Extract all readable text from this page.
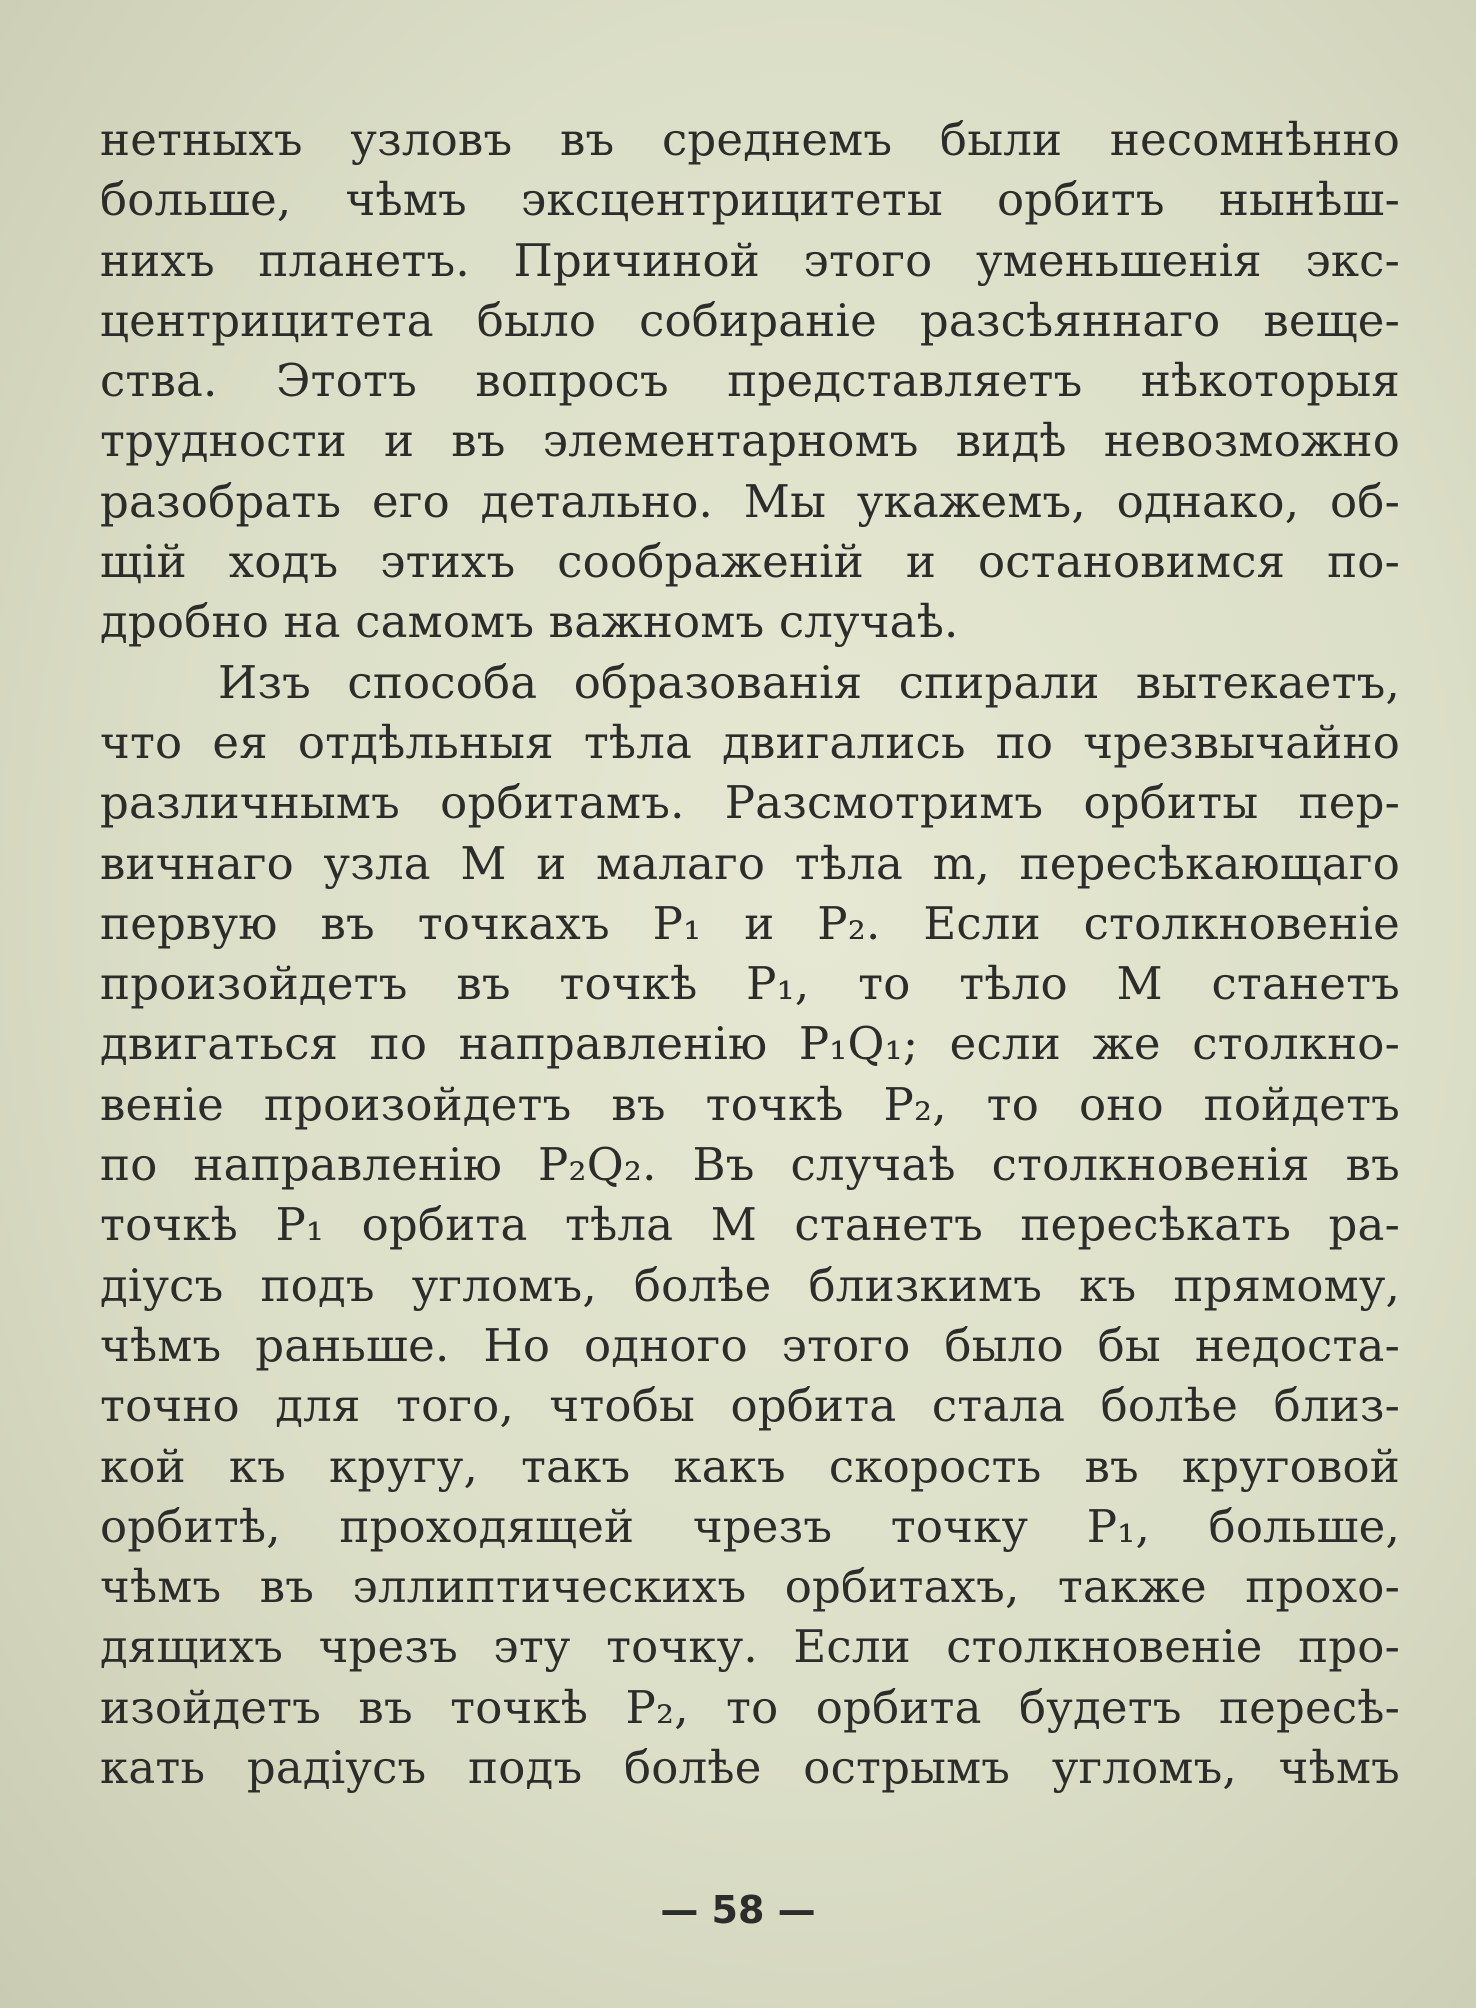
нетныхъ узловъ въ среднемъ были несомнѣнно
больше, чѣмъ эксцентрицитеты орбитъ нынѣш-
нихъ планетъ. Причиной этого уменьшенія экс-
центрицитета было собираніе разсѣяннаго веще-
ства. Этотъ вопросъ представляетъ нѣкоторыя
трудности и въ элементарномъ видѣ невозможно
разобрать его детально. Мы укажемъ, однако, об-
щій ходъ этихъ соображеній и остановимся по-
дробно на самомъ важномъ случаѣ.
Изъ способа образованія спирали вытекаетъ,
что ея отдѣльныя тѣла двигались по чрезвычайно
различнымъ орбитамъ. Разсмотримъ орбиты пер-
вичнаго узла M и малаго тѣла m, пересѣкающаго
первую въ точкахъ P₁ и P₂. Если столкновеніе
произойдетъ въ точкѣ P₁, то тѣло M станетъ
двигаться по направленію P₁Q₁; если же столкно-
веніе произойдетъ въ точкѣ P₂, то оно пойдетъ
по направленію P₂Q₂. Въ случаѣ столкновенія въ
точкѣ P₁ орбита тѣла M станетъ пересѣкать ра-
діусъ подъ угломъ, болѣе близкимъ къ прямому,
чѣмъ раньше. Но одного этого было бы недоста-
точно для того, чтобы орбита стала болѣе близ-
кой къ кругу, такъ какъ скорость въ круговой
орбитѣ, проходящей чрезъ точку P₁, больше,
чѣмъ въ эллиптическихъ орбитахъ, также прохо-
дящихъ чрезъ эту точку. Если столкновеніе про-
изойдетъ въ точкѣ P₂, то орбита будетъ пересѣ-
кать радіусъ подъ болѣе острымъ угломъ, чѣмъ
— 58 —
